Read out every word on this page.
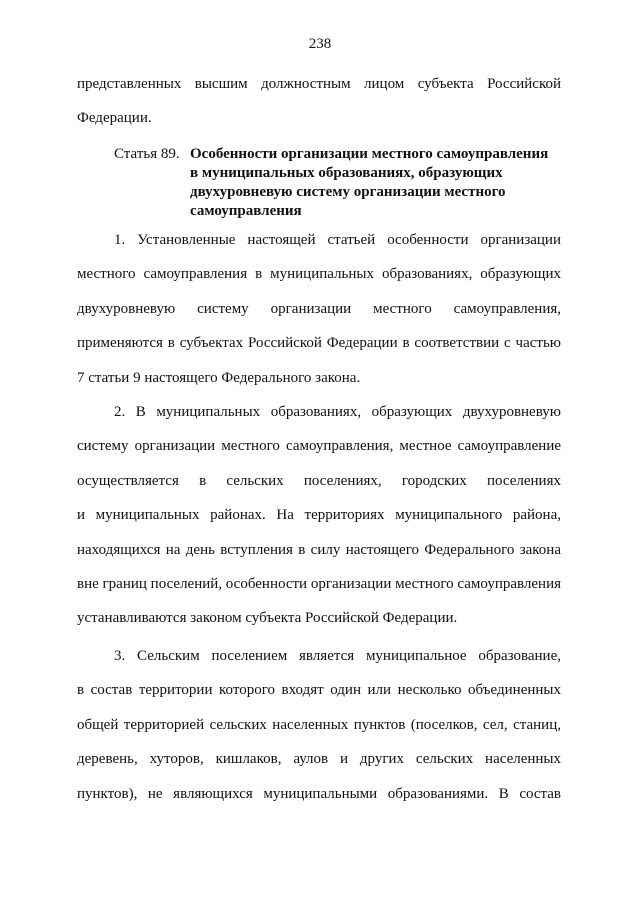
238
представленных высшим должностным лицом субъекта Российской
Федерации.
Статья 89. Особенности организации местного самоуправления
в муниципальных образованиях, образующих
двухуровневую систему организации местного
самоуправления
1. Установленные настоящей статьей особенности организации
местного самоуправления в муниципальных образованиях, образующих
двухуровневую систему организации местного самоуправления,
применяются в субъектах Российской Федерации в соответствии с частью
7 статьи 9 настоящего Федерального закона.
2. В муниципальных образованиях, образующих двухуровневую
систему организации местного самоуправления, местное самоуправление
осуществляется в сельских поселениях, городских поселениях
и муниципальных районах. На территориях муниципального района,
находящихся на день вступления в силу настоящего Федерального закона
вне границ поселений, особенности организации местного самоуправления
устанавливаются законом субъекта Российской Федерации.
3. Сельским поселением является муниципальное образование,
в состав территории которого входят один или несколько объединенных
общей территорией сельских населенных пунктов (поселков, сел, станиц,
деревень, хуторов, кишлаков, аулов и других сельских населенных
пунктов), не являющихся муниципальными образованиями. В состав
